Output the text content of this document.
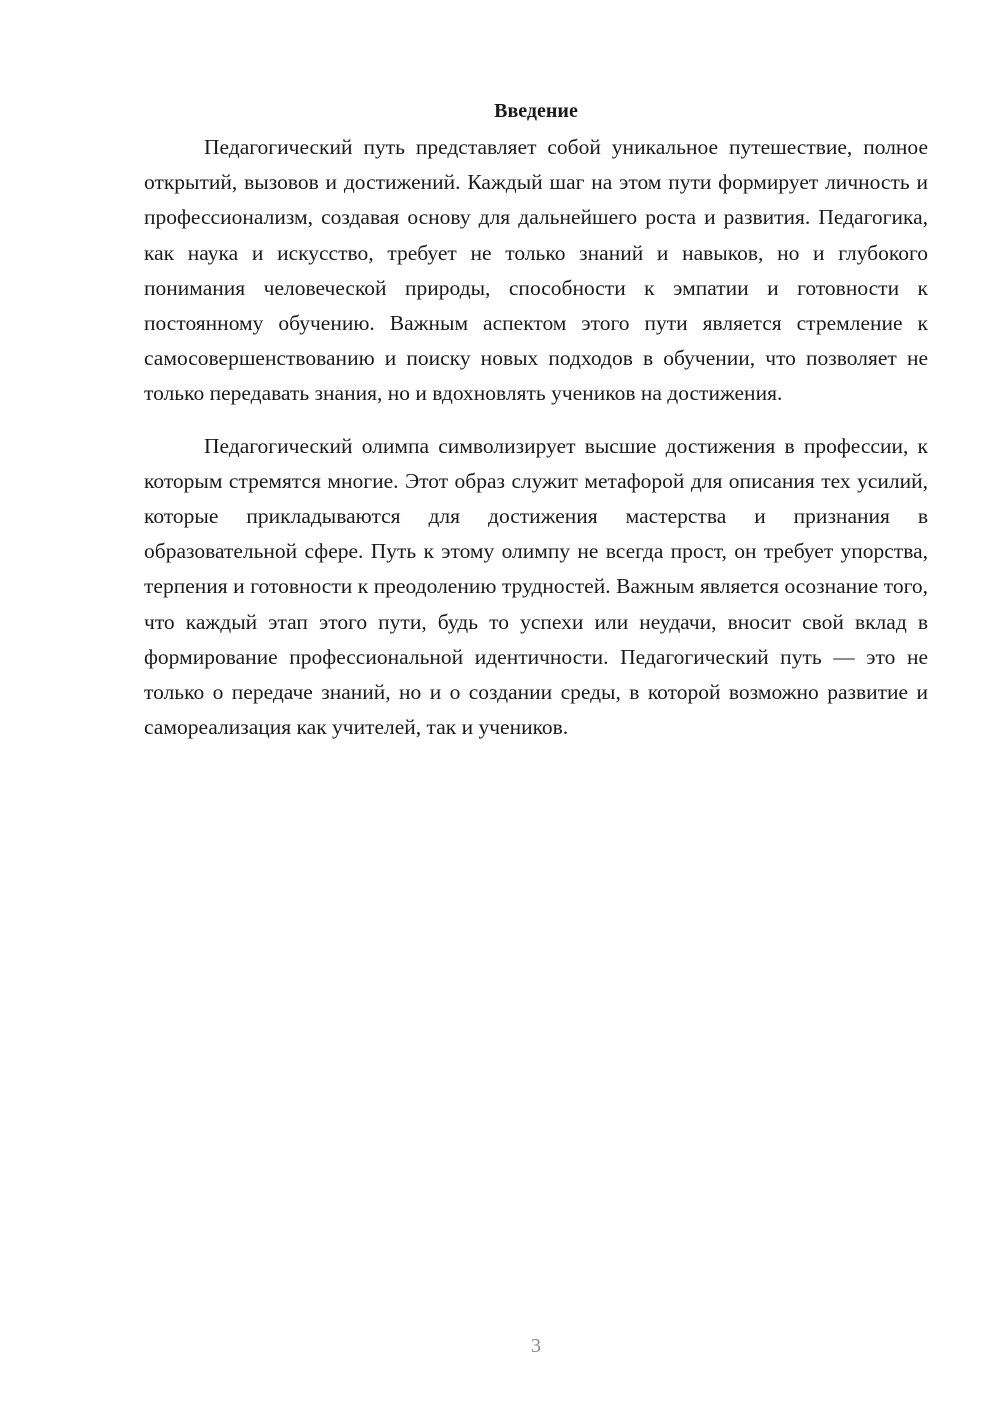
Введение

Педагогический путь представляет собой уникальное путешествие, полное открытий, вызовов и достижений. Каждый шаг на этом пути формирует личность и профессионализм, создавая основу для дальнейшего роста и развития. Педагогика, как наука и искусство, требует не только знаний и навыков, но и глубокого понимания человеческой природы, способности к эмпатии и готовности к постоянному обучению. Важным аспектом этого пути является стремление к самосовершенствованию и поиску новых подходов в обучении, что позволяет не только передавать знания, но и вдохновлять учеников на достижения.

Педагогический олимпа символизирует высшие достижения в профессии, к которым стремятся многие. Этот образ служит метафорой для описания тех усилий, которые прикладываются для достижения мастерства и признания в образовательной сфере. Путь к этому олимпу не всегда прост, он требует упорства, терпения и готовности к преодолению трудностей. Важным является осознание того, что каждый этап этого пути, будь то успехи или неудачи, вносит свой вклад в формирование профессиональной идентичности. Педагогический путь — это не только о передаче знаний, но и о создании среды, в которой возможно развитие и самореализация как учителей, так и учеников.

3
